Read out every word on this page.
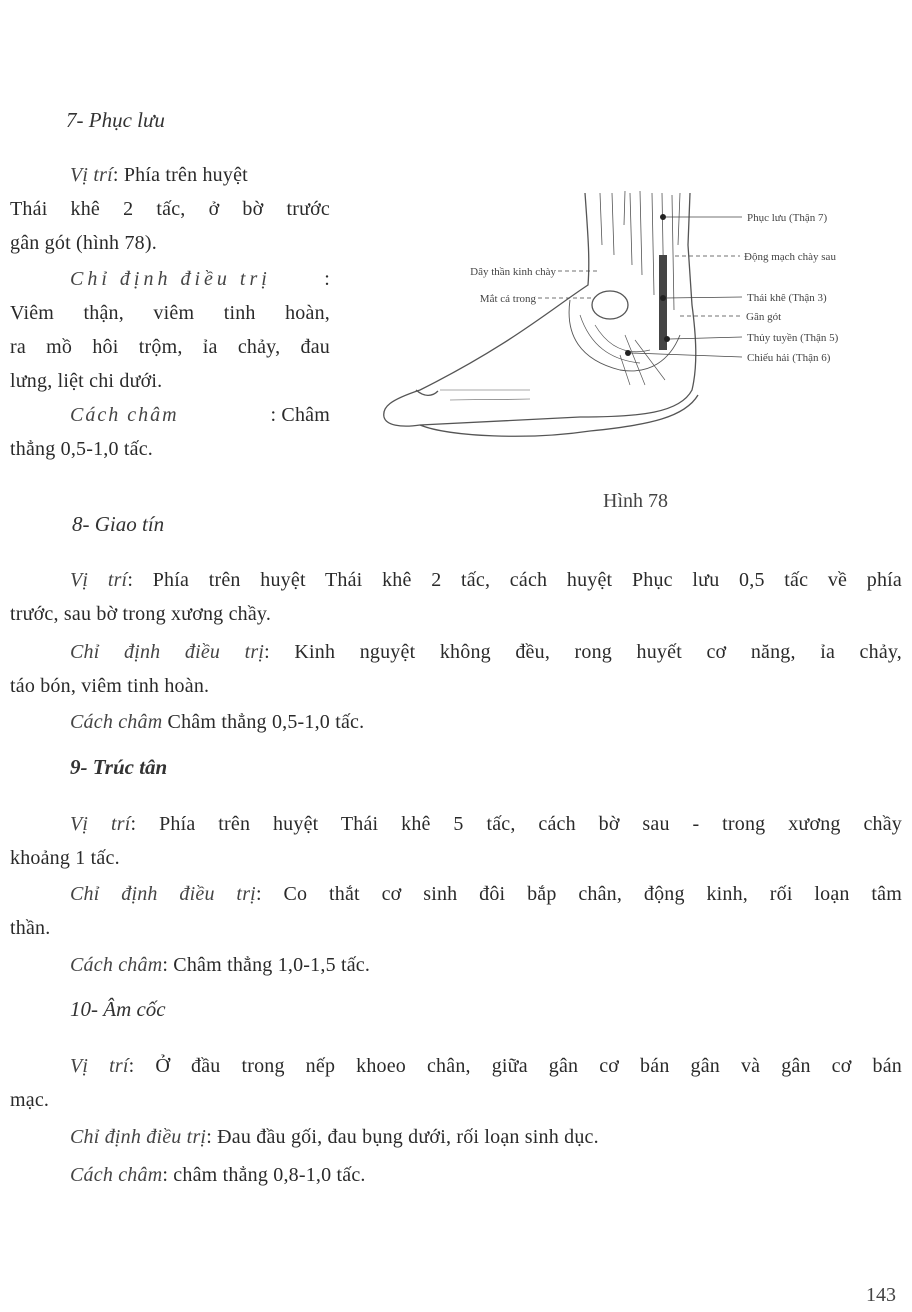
7- Phục lưu
Vị trí: Phía trên huyệt
Thái khê 2 tấc, ở bờ trước
gân gót (hình 78).
Chỉ định điều trị	:
Viêm thận, viêm tinh hoàn,
ra mồ hôi trộm, ỉa chảy, đau
lưng, liệt chi dưới.
Cách châm	: Châm
thẳng 0,5-1,0 tấc.
Phục lưu (Thận 7)
Động mạch chày sau
Thái khê (Thận 3)
Gân gót
Thủy tuyền (Thận 5)
Chiếu hải (Thận 6)
Dây thần kinh chày
Mắt cá trong
Hình 78
8- Giao tín
Vị trí: Phía trên huyệt Thái khê 2 tấc, cách huyệt Phục lưu 0,5 tấc về phía
trước, sau bờ trong xương chầy.
Chỉ định điều trị: Kinh nguyệt không đều, rong huyết cơ năng, ỉa chảy,
táo bón, viêm tinh hoàn.
Cách châm Châm thẳng 0,5-1,0 tấc.
9- Trúc tân
Vị trí: Phía trên huyệt Thái khê 5 tấc, cách bờ sau - trong xương chầy
khoảng 1 tấc.
Chỉ định điều trị: Co thắt cơ sinh đôi bắp chân, động kinh, rối loạn tâm
thần.
Cách châm: Châm thẳng 1,0-1,5 tấc.
10- Âm cốc
Vị trí: Ở đầu trong nếp khoeo chân, giữa gân cơ bán gân và gân cơ bán
mạc.
Chỉ định điều trị: Đau đầu gối, đau bụng dưới, rối loạn sinh dục.
Cách châm: châm thẳng 0,8-1,0 tấc.
143
